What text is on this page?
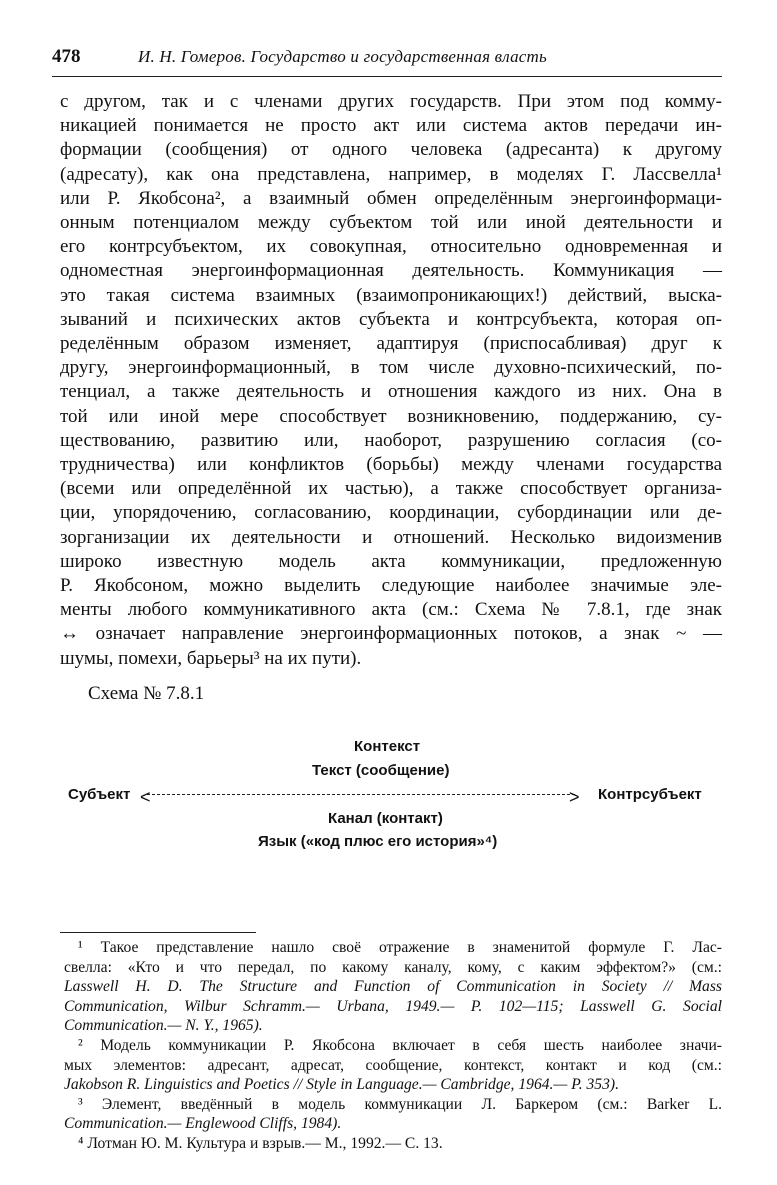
478	И. Н. Гомеров. Государство и государственная власть
с другом, так и с членами других государств. При этом под комму-
никацией понимается не просто акт или система актов передачи ин-
формации (сообщения) от одного человека (адресанта) к другому
(адресату), как она представлена, например, в моделях Г. Лассвелла¹
или Р. Якобсона², а взаимный обмен определённым энергоинформаци-
онным потенциалом между субъектом той или иной деятельности и
его контрсубъектом, их совокупная, относительно одновременная и
одноместная энергоинформационная деятельность. Коммуникация —
это такая система взаимных (взаимопроникающих!) действий, выска-
зываний и психических актов субъекта и контрсубъекта, которая оп-
ределённым образом изменяет, адаптируя (приспосабливая) друг к
другу, энергоинформационный, в том числе духовно-психический, по-
тенциал, а также деятельность и отношения каждого из них. Она в
той или иной мере способствует возникновению, поддержанию, су-
ществованию, развитию или, наоборот, разрушению согласия (со-
трудничества) или конфликтов (борьбы) между членами государства
(всеми или определённой их частью), а также способствует организа-
ции, упорядочению, согласованию, координации, субординации или де-
зорганизации их деятельности и отношений. Несколько видоизменив
широко известную модель акта коммуникации, предложенную
Р. Якобсоном, можно выделить следующие наиболее значимые эле-
менты любого коммуникативного акта (см.: Схема № 7.8.1, где знак
↔ означает направление энергоинформационных потоков, а знак ~ —
шумы, помехи, барьеры³ на их пути).
Схема № 7.8.1
Контекст
Текст (сообщение)
Субъект <	> Контрсубъект
Канал (контакт)
Язык («код плюс его история»⁴)
¹ Такое представление нашло своё отражение в знаменитой формуле Г. Лас-
свелла: «Кто и что передал, по какому каналу, кому, с каким эффектом?» (см.:
Lasswell H. D. The Structure and Function of Communication in Society // Mass
Communication, Wilbur Schramm.— Urbana, 1949.— P. 102—115; Lasswell G. Social
Communication.— N. Y., 1965).
² Модель коммуникации Р. Якобсона включает в себя шесть наиболее значи-
мых элементов: адресант, адресат, сообщение, контекст, контакт и код (см.:
Jakobson R. Linguistics and Poetics // Style in Language.— Cambridge, 1964.— P. 353).
³ Элемент, введённый в модель коммуникации Л. Баркером (см.: Barker L.
Communication.— Englewood Cliffs, 1984).
⁴ Лотман Ю. М. Культура и взрыв.— М., 1992.— С. 13.
